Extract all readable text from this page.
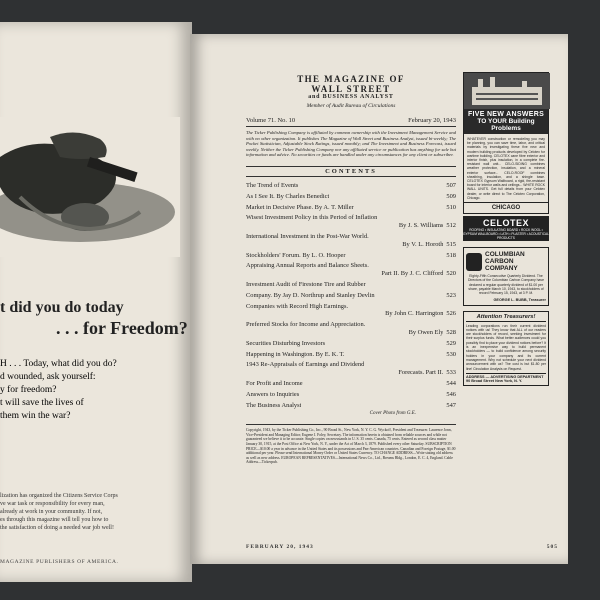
t did you do today
. . . for Freedom?
H . . . Today, what did you do?
d wounded, ask yourself:
y for freedom?
t will save the lives of
them win the war?
lization has organized the Citizens Service Corps
ve war task or responsibility for every man,
already at work in your community. If not,
es through this magazine will tell you how to
the satisfaction of doing a needed war job well!
MAGAZINE PUBLISHERS OF AMERICA.
THE MAGAZINE OF
WALL STREET
and BUSINESS ANALYST
Member of Audit Bureau of Circulations
Volume 71. No. 10	February 20, 1943
The Ticker Publishing Company is affiliated by common ownership with the Investment Management Service and with no other organization. It publishes The Magazine of Wall Street and Business Analyst, issued bi-weekly; The Pocket Statistician, Adjustable Stock Ratings, issued monthly; and The Investment and Business Forecast, issued weekly. Neither the Ticker Publishing Company nor any affiliated service or publication has anything for sale but information and advice. No securities or funds are handled under any circumstances for any client or subscriber.
CONTENTS
The Trend of Events	507
As I See It. By Charles Benedict	509
Market in Decisive Phase. By A. T. Miller	510
Wisest Investment Policy in this Period of Inflation
By J. S. Williams 512
International Investment in the Post-War World.
By V. L. Horoth 515
Stockholders' Forum. By L. O. Hooper	518
Appraising Annual Reports and Balance Sheets.
Part II. By J. C. Clifford 520
Investment Audit of Firestone Tire and Rubber
Company. By Jay D. Northrup and Stanley Devlin	523
Companies with Record High Earnings.
By John C. Harrington 526
Preferred Stocks for Income and Appreciation.
By Owen Ely 528
Securities Disturbing Investors	529
Happening in Washington. By E. K. T.	530
1943 Re-Appraisals of Earnings and Dividend
Forecasts. Part II. 533
For Profit and Income	544
Answers to Inquiries	546
The Business Analyst	547
Cover Photo from G.E.
Copyright, 1943, by the Ticker Publishing Co., Inc., 90 Broad St., New York, N. Y. C. G. Wyckoff, President and Treasurer. Laurence Jonn, Vice-President and Managing Editor; Eugene J. Foley, Secretary. The information herein is obtained from reliable sources and while not guaranteed we believe it to be accurate. Single copies on newsstands in U. S. 35 cents. Canada, 75 cents. Entered as second class matter January 30, 1915, at the Post Office at New York, N. Y., under the Act of March 3, 1879. Published every other Saturday. SUBSCRIPTION PRICE—$10.00 a year in advance in the United States and its possessions and Pan-American countries. Canadian and Foreign Postage, $1.00 additional per year. Please send International Money Order or United States Currency. TO CHANGE ADDRESS—Write stating old address as well as new address. EUROPEAN REPRESENTATIVES—International News Co., Ltd., Breams Bldg., London, E. C. 4, England. Cable Address—Tickerpub.
FIVE NEW ANSWERS
TO YOUR Building Problems
WHATEVER construction or remodeling you may be planning, you can save time, labor, and critical materials by investigating these five new and modern building products developed by Celotex for wartime building. CELOTEX cane fibre exterior and interior finish, plus insulation, in a complete fire-resistant wall unit... CELO-SIDING combines weather protection, insulation, and a mineral exterior surface... CELO-ROOF combines sheathing, insulation, and a shingle base. CELOTEX Gypsum Wallboard, a rigid, fire-resistant board for interior walls and ceilings... WHITE ROCK WALL UNITS. Get full details from your Celotex dealer, or write direct to The Celotex Corporation, Chicago.
CHICAGO
CELOTEX
ROOFING • INSULATING BOARD • ROCK WOOL • GYPSUM WALLBOARD • LATH • PLASTER • ACOUSTICAL PRODUCTS
COLUMBIAN
CARBON COMPANY
Eighty-Fifth Consecutive Quarterly Dividend. The Directors of the Columbian Carbon Company have declared a regular quarterly dividend of $1.00 per share, payable March 10, 1943, to stockholders of record February 15, 1943, at 3 P. M.
GEORGE L. BUBB, Treasurer
Attention Treasurers!
Leading corporations run their current dividend notices with us! They know that ALL of our readers are stockholders of record, seeking investment for their surplus funds. What better audiences could you possibly find to place your dividend notices before? It is an inexpensive way to build permanent stockholders — to build confidence among security holders in your company and its current management. Why not schedule your next dividend announcement with us? The cost is but $1.80 per line! Circulation Analysis on Request.
ADDRESS — ADVERTISING DEPARTMENT 90 Broad Street New York, N. Y.
FEBRUARY 20, 1943	505
